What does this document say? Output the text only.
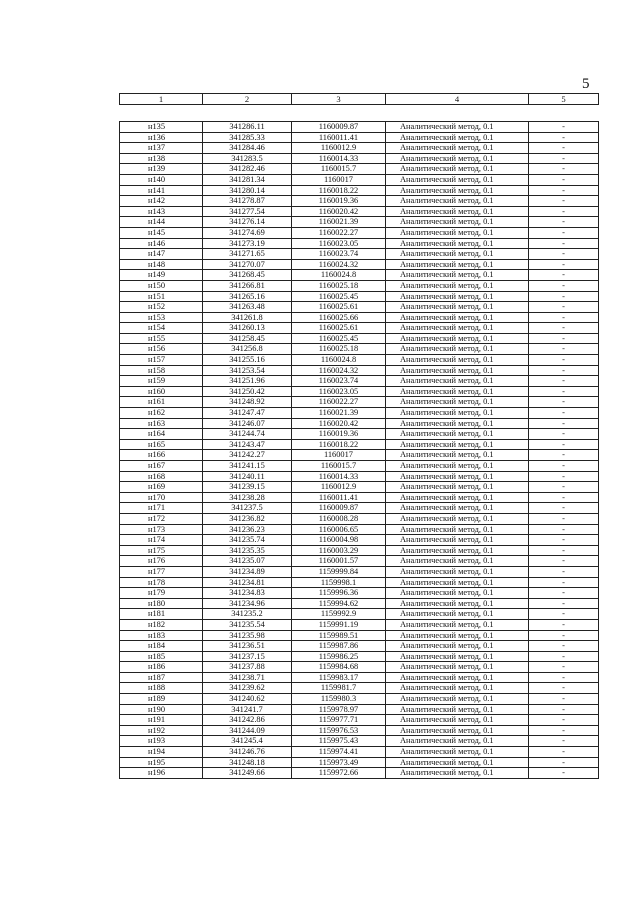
5
1	2	3	4	5

н135	341286.11	1160009.87	Аналитический метод, 0.1	-
н136	341285.33	1160011.41	Аналитический метод, 0.1	-
н137	341284.46	1160012.9	Аналитический метод, 0.1	-
н138	341283.5	1160014.33	Аналитический метод, 0.1	-
н139	341282.46	1160015.7	Аналитический метод, 0.1	-
н140	341281.34	1160017	Аналитический метод, 0.1	-
н141	341280.14	1160018.22	Аналитический метод, 0.1	-
н142	341278.87	1160019.36	Аналитический метод, 0.1	-
н143	341277.54	1160020.42	Аналитический метод, 0.1	-
н144	341276.14	1160021.39	Аналитический метод, 0.1	-
н145	341274.69	1160022.27	Аналитический метод, 0.1	-
н146	341273.19	1160023.05	Аналитический метод, 0.1	-
н147	341271.65	1160023.74	Аналитический метод, 0.1	-
н148	341270.07	1160024.32	Аналитический метод, 0.1	-
н149	341268.45	1160024.8	Аналитический метод, 0.1	-
н150	341266.81	1160025.18	Аналитический метод, 0.1	-
н151	341265.16	1160025.45	Аналитический метод, 0.1	-
н152	341263.48	1160025.61	Аналитический метод, 0.1	-
н153	341261.8	1160025.66	Аналитический метод, 0.1	-
н154	341260.13	1160025.61	Аналитический метод, 0.1	-
н155	341258.45	1160025.45	Аналитический метод, 0.1	-
н156	341256.8	1160025.18	Аналитический метод, 0.1	-
н157	341255.16	1160024.8	Аналитический метод, 0.1	-
н158	341253.54	1160024.32	Аналитический метод, 0.1	-
н159	341251.96	1160023.74	Аналитический метод, 0.1	-
н160	341250.42	1160023.05	Аналитический метод, 0.1	-
н161	341248.92	1160022.27	Аналитический метод, 0.1	-
н162	341247.47	1160021.39	Аналитический метод, 0.1	-
н163	341246.07	1160020.42	Аналитический метод, 0.1	-
н164	341244.74	1160019.36	Аналитический метод, 0.1	-
н165	341243.47	1160018.22	Аналитический метод, 0.1	-
н166	341242.27	1160017	Аналитический метод, 0.1	-
н167	341241.15	1160015.7	Аналитический метод, 0.1	-
н168	341240.11	1160014.33	Аналитический метод, 0.1	-
н169	341239.15	1160012.9	Аналитический метод, 0.1	-
н170	341238.28	1160011.41	Аналитический метод, 0.1	-
н171	341237.5	1160009.87	Аналитический метод, 0.1	-
н172	341236.82	1160008.28	Аналитический метод, 0.1	-
н173	341236.23	1160006.65	Аналитический метод, 0.1	-
н174	341235.74	1160004.98	Аналитический метод, 0.1	-
н175	341235.35	1160003.29	Аналитический метод, 0.1	-
н176	341235.07	1160001.57	Аналитический метод, 0.1	-
н177	341234.89	1159999.84	Аналитический метод, 0.1	-
н178	341234.81	1159998.1	Аналитический метод, 0.1	-
н179	341234.83	1159996.36	Аналитический метод, 0.1	-
н180	341234.96	1159994.62	Аналитический метод, 0.1	-
н181	341235.2	1159992.9	Аналитический метод, 0.1	-
н182	341235.54	1159991.19	Аналитический метод, 0.1	-
н183	341235.98	1159989.51	Аналитический метод, 0.1	-
н184	341236.51	1159987.86	Аналитический метод, 0.1	-
н185	341237.15	1159986.25	Аналитический метод, 0.1	-
н186	341237.88	1159984.68	Аналитический метод, 0.1	-
н187	341238.71	1159983.17	Аналитический метод, 0.1	-
н188	341239.62	1159981.7	Аналитический метод, 0.1	-
н189	341240.62	1159980.3	Аналитический метод, 0.1	-
н190	341241.7	1159978.97	Аналитический метод, 0.1	-
н191	341242.86	1159977.71	Аналитический метод, 0.1	-
н192	341244.09	1159976.53	Аналитический метод, 0.1	-
н193	341245.4	1159975.43	Аналитический метод, 0.1	-
н194	341246.76	1159974.41	Аналитический метод, 0.1	-
н195	341248.18	1159973.49	Аналитический метод, 0.1	-
н196	341249.66	1159972.66	Аналитический метод, 0.1	-
